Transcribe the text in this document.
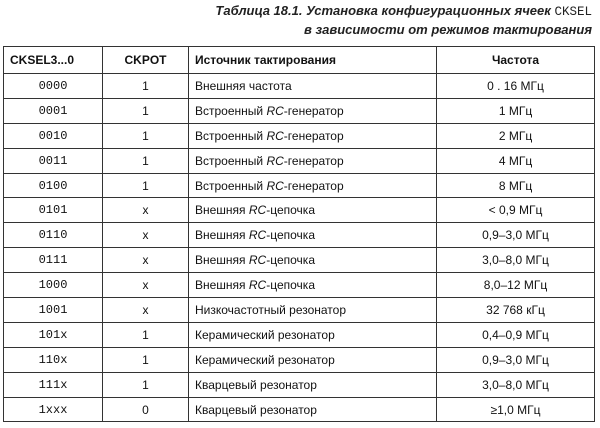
Таблица 18.1. Установка конфигурационных ячеек CKSEL
в зависимости от режимов тактирования
CKSEL3...0	CKPOT	Источник тактирования	Частота
0000	1	Внешняя частота	0 . 16 МГц
0001	1	Встроенный RC-генератор	1 МГц
0010	1	Встроенный RC-генератор	2 МГц
0011	1	Встроенный RC-генератор	4 МГц
0100	1	Встроенный RC-генератор	8 МГц
0101	x	Внешняя RC-цепочка	< 0,9 МГц
0110	x	Внешняя RC-цепочка	0,9–3,0 МГц
0111	x	Внешняя RC-цепочка	3,0–8,0 МГц
1000	x	Внешняя RC-цепочка	8,0–12 МГц
1001	x	Низкочастотный резонатор	32 768 кГц
101x	1	Керамический резонатор	0,4–0,9 МГц
110x	1	Керамический резонатор	0,9–3,0 МГц
111x	1	Кварцевый резонатор	3,0–8,0 МГц
1xxx	0	Кварцевый резонатор	≥1,0 МГц
